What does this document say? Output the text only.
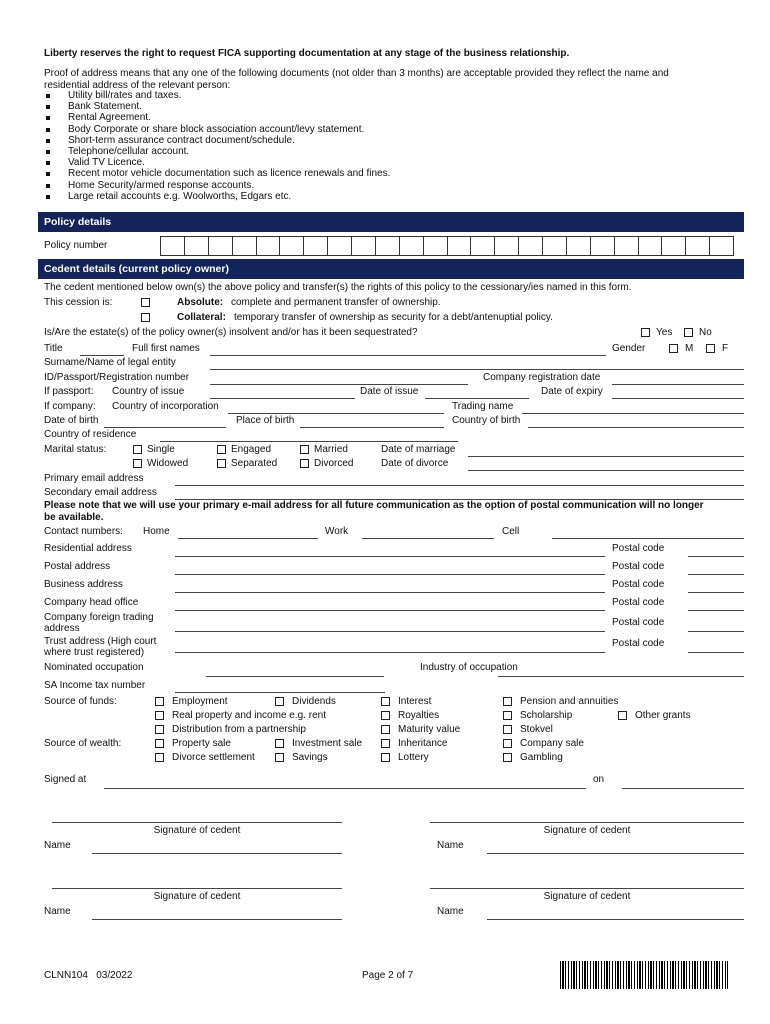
Liberty reserves the right to request FICA supporting documentation at any stage of the business relationship.
Proof of address means that any one of the following documents (not older than 3 months) are acceptable provided they reflect the name and
residential address of the relevant person:
Utility bill/rates and taxes.
Bank Statement.
Rental Agreement.
Body Corporate or share block association account/levy statement.
Short-term assurance contract document/schedule.
Telephone/cellular account.
Valid TV Licence.
Recent motor vehicle documentation such as licence renewals and fines.
Home Security/armed response accounts.
Large retail accounts e.g. Woolworths, Edgars etc.
Policy details
Policy number
Cedent details (current policy owner)
The cedent mentioned below own(s) the above policy and transfer(s) the rights of this policy to the cessionary/ies named in this form.
This cession is:	Absolute: complete and permanent transfer of ownership.
Collateral: temporary transfer of ownership as security for a debt/antenuptial policy.
Is/Are the estate(s) of the policy owner(s) insolvent and/or has it been sequestrated?	Yes	No
Title	Full first names	Gender	M	F
Surname/Name of legal entity
ID/Passport/Registration number	Company registration date
If passport: Country of issue	Date of issue	Date of expiry
If company: Country of incorporation	Trading name
Date of birth	Place of birth	Country of birth
Country of residence
Marital status:	Single	Engaged	Married	Date of marriage
Widowed	Separated	Divorced	Date of divorce
Primary email address
Secondary email address
Please note that we will use your primary e-mail address for all future communication as the option of postal communication will no longer
be available.
Contact numbers: Home	Work	Cell
Residential address	Postal code
Postal address	Postal code
Business address	Postal code
Company head office	Postal code
Company foreign trading
address
Postal code
Trust address (High court
where trust registered)
Postal code
Nominated occupation	Industry of occupation
SA Income tax number
Source of funds:	Employment	Dividends	Interest	Pension and annuities
Real property and income e.g. rent	Royalties	Scholarship	Other grants
Distribution from a partnership	Maturity value	Stokvel
Source of wealth:	Property sale	Investment sale	Inheritance	Company sale
Divorce settlement	Savings	Lottery	Gambling
Signed at	on
Signature of cedent	Signature of cedent
Name	Name
Signature of cedent	Signature of cedent
Name	Name
CLNN104   03/2022	Page 2 of 7
